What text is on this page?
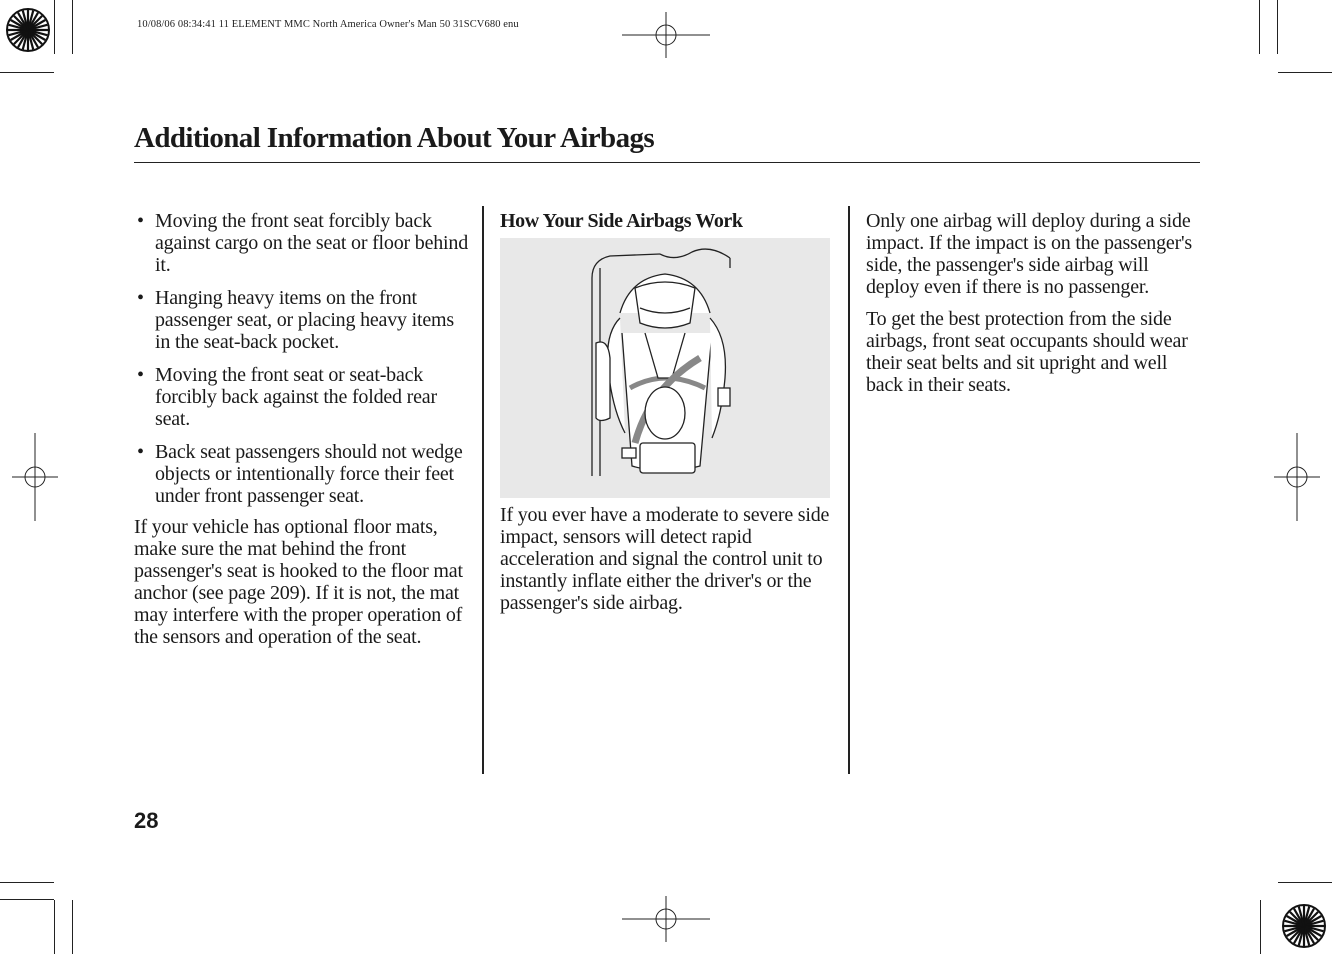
10/08/06 08:34:41 11 ELEMENT MMC North America Owner's Man 50 31SCV680 enu
Additional Information About Your Airbags
• Moving the front seat forcibly back against cargo on the seat or floor behind it.
• Hanging heavy items on the front passenger seat, or placing heavy items in the seat-back pocket.
• Moving the front seat or seat-back forcibly back against the folded rear seat.
• Back seat passengers should not wedge objects or intentionally force their feet under front passenger seat.

If your vehicle has optional floor mats, make sure the mat behind the front passenger's seat is hooked to the floor mat anchor (see page 209). If it is not, the mat may interfere with the proper operation of the sensors and operation of the seat.

How Your Side Airbags Work

If you ever have a moderate to severe side impact, sensors will detect rapid acceleration and signal the control unit to instantly inflate either the driver's or the passenger's side airbag.

Only one airbag will deploy during a side impact. If the impact is on the passenger's side, the passenger's side airbag will deploy even if there is no passenger.

To get the best protection from the side airbags, front seat occupants should wear their seat belts and sit upright and well back in their seats.

28
